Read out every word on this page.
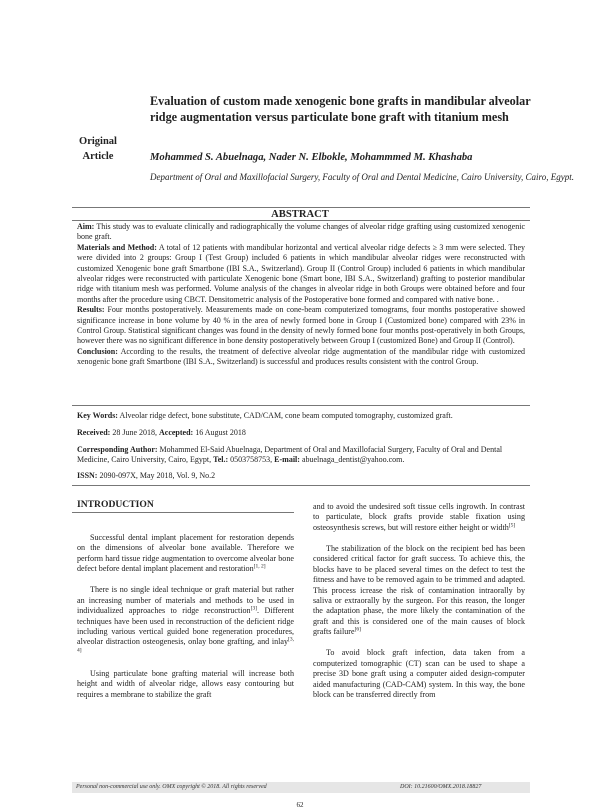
Original
Article
Evaluation of custom made xenogenic bone grafts in mandibular alveolar ridge augmentation versus particulate bone graft with titanium mesh
Mohammed S. Abuelnaga, Nader N. Elbokle, Mohammmed M. Khashaba
Department of Oral and Maxillofacial Surgery, Faculty of Oral and Dental Medicine, Cairo University, Cairo, Egypt.
ABSTRACT

Aim: This study was to evaluate clinically and radiographically the volume changes of alveolar ridge grafting using customized xenogenic bone graft.

Materials and Method: A total of 12 patients with mandibular horizontal and vertical alveolar ridge defects ≥ 3 mm were selected. They were divided into 2 groups: Group I (Test Group) included 6 patients in which mandibular alveolar ridges were reconstructed with customized Xenogenic bone graft Smartbone (IBI S.A., Switzerland). Group II (Control Group) included 6 patients in which mandibular alveolar ridges were reconstructed with particulate Xenogenic bone (Smart bone, IBI S.A., Switzerland) grafting to posterior mandibular ridge with titanium mesh was performed. Volume analysis of the changes in alveolar ridge in both Groups were obtained before and four months after the procedure using CBCT. Densitometric analysis of the Postoperative bone formed and compared with native bone. .

Results: Four months postoperatively. Measurements made on cone-beam computerized tomograms, four months postoperative showed significance increase in bone volume by 40 % in the area of newly formed bone in Group I (Customized bone) compared with 23% in Control Group. Statistical significant changes was found in the density of newly formed bone four months post-operatively in both Groups, however there was no significant difference in bone density postoperatively between Group I (customized Bone) and Group II (Control).

Conclusion: According to the results, the treatment of defective alveolar ridge augmentation of the mandibular ridge with customized xenogenic bone graft Smartbone (IBI S.A., Switzerland) is successful and produces results consistent with the control Group.

Key Words: Alveolar ridge defect, bone substitute, CAD/CAM, cone beam computed tomography, customized graft.
Received: 28 June 2018, Accepted: 16 August 2018
Corresponding Author: Mohammed El-Said Abuelnaga, Department of Oral and Maxillofacial Surgery, Faculty of Oral and Dental Medicine, Cairo University, Cairo, Egypt, Tel.: 0503758753, E-mail: abuelnaga_dentist@yahoo.com.
ISSN: 2090-097X, May 2018, Vol. 9, No.2
INTRODUCTION

Successful dental implant placement for restoration depends on the dimensions of alveolar bone available. Therefore we perform hard tissue ridge augmentation to overcome alveolar bone defect before dental implant placement and restoration[1, 2]

There is no single ideal technique or graft material but rather an increasing number of materials and methods to be used in individualized approaches to ridge reconstruction[3]. Different techniques have been used in reconstruction of the deficient ridge including various vertical guided bone regeneration procedures, alveolar distraction osteogenesis, onlay bone grafting, and inlay[3, 4]

Using particulate bone grafting material will increase both height and width of alveolar ridge, allows easy contouring but requires a membrane to stabilize the graft

and to avoid the undesired soft tissue cells ingrowth. In contrast to particulate, block grafts provide stable fixation using osteosynthesis screws, but will restore either height or width[5]

The stabilization of the block on the recipient bed has been considered critical factor for graft success. To achieve this, the blocks have to be placed several times on the defect to test the fitness and have to be removed again to be trimmed and adapted. This process icrease the risk of contamination intraorally by saliva or extraorally by the surgeon. For this reason, the longer the adaptation phase, the more likely the contamination of the graft and this is considered one of the main causes of block grafts failure[6]

To avoid block graft infection, data taken from a computerized tomographic (CT) scan can be used to shape a precise 3D bone graft using a computer aided design-computer aided manufacturing (CAD-CAM) system. In this way, the bone block can be transferred directly from

Personal non-commercial use only. OMX copyright © 2018. All rights reserved	DOI: 10.21600/OMX.2018.18827
62
